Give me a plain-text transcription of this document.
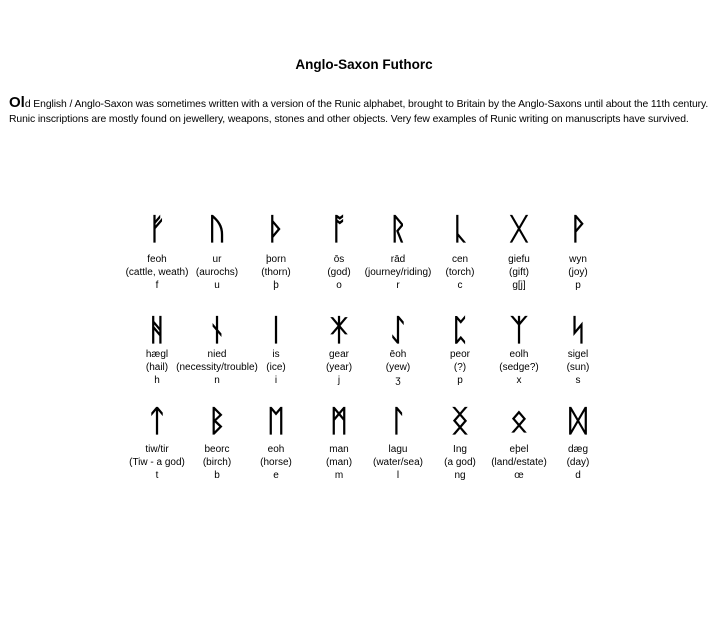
Anglo-Saxon Futhorc
Old English / Anglo-Saxon was sometimes written with a version of the Runic alphabet, brought to Britain by the Anglo-Saxons until about the 11th century. Runic inscriptions are mostly found on jewellery, weapons, stones and other objects. Very few examples of Runic writing on manuscripts have survived.
ᚠ
feoh
(cattle, weath)
f
ᚢ
ur
(aurochs)
u
ᚦ
þorn
(thorn)
þ
ᚩ
ōs
(god)
o
ᚱ
rād
(journey/riding)
r
ᚳ
cen
(torch)
c
ᚷ
giefu
(gift)
g[j]
ᚹ
wyn
(joy)
p
ᚻ
hægl
(hail)
h
ᚾ
nied
(necessity/trouble)
n
ᛁ
is
(ice)
i
ᛡ
gear
(year)
j
ᛇ
ēoh
(yew)
ʒ
ᛈ
peor
(?)
p
ᛉ
eolh
(sedge?)
x
ᛋ
sigel
(sun)
s
ᛏ
tiw/tir
(Tiw - a god)
t
ᛒ
beorc
(birch)
b
ᛖ
eoh
(horse)
e
ᛗ
man
(man)
m
ᛚ
lagu
(water/sea)
l
ᛝ
Ing
(a god)
ng
ᛟ
eþel
(land/estate)
œ
ᛞ
dæg
(day)
d
